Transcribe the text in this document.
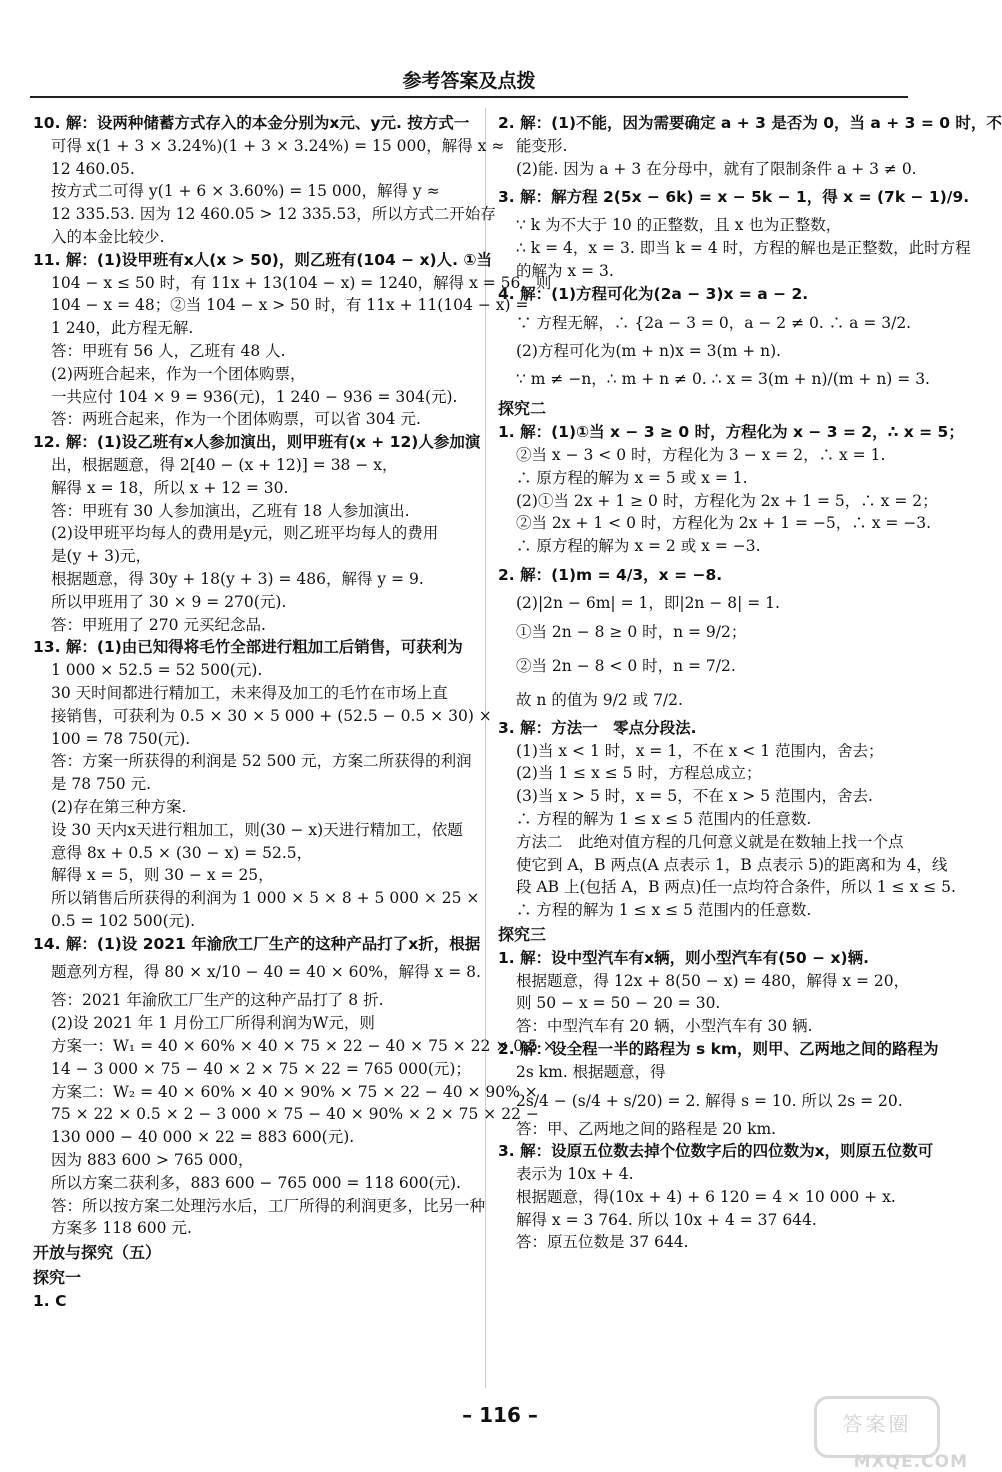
参考答案及点拨

10. 解：设两种储蓄方式存入的本金分别为x元、y元. 按方式一

可得 x(1 + 3 × 3.24%)(1 + 3 × 3.24%) = 15 000，解得 x ≈

12 460.05.

按方式二可得 y(1 + 6 × 3.60%) = 15 000，解得 y ≈

12 335.53. 因为 12 460.05 > 12 335.53，所以方式二开始存

入的本金比较少.

11. 解：(1)设甲班有x人(x > 50)，则乙班有(104 − x)人. ①当

104 − x ≤ 50 时，有 11x + 13(104 − x) = 1240，解得 x = 56，则

104 − x = 48；②当 104 − x > 50 时，有 11x + 11(104 − x) =

1 240，此方程无解.

答：甲班有 56 人，乙班有 48 人.

(2)两班合起来，作为一个团体购票，

一共应付 104 × 9 = 936(元)，1 240 − 936 = 304(元).

答：两班合起来，作为一个团体购票，可以省 304 元.

12. 解：(1)设乙班有x人参加演出，则甲班有(x + 12)人参加演

出，根据题意，得 2[40 − (x + 12)] = 38 − x，

解得 x = 18，所以 x + 12 = 30.

答：甲班有 30 人参加演出，乙班有 18 人参加演出.

(2)设甲班平均每人的费用是y元，则乙班平均每人的费用

是(y + 3)元，

根据题意，得 30y + 18(y + 3) = 486，解得 y = 9.

所以甲班用了 30 × 9 = 270(元).

答：甲班用了 270 元买纪念品.

13. 解：(1)由已知得将毛竹全部进行粗加工后销售，可获利为

1 000 × 52.5 = 52 500(元).

30 天时间都进行精加工，未来得及加工的毛竹在市场上直

接销售，可获利为 0.5 × 30 × 5 000 + (52.5 − 0.5 × 30) ×

100 = 78 750(元).

答：方案一所获得的利润是 52 500 元，方案二所获得的利润

是 78 750 元.

(2)存在第三种方案.

设 30 天内x天进行粗加工，则(30 − x)天进行精加工，依题

意得 8x + 0.5 × (30 − x) = 52.5，

解得 x = 5，则 30 − x = 25，

所以销售后所获得的利润为 1 000 × 5 × 8 + 5 000 × 25 ×

0.5 = 102 500(元).

14. 解：(1)设 2021 年渝欣工厂生产的这种产品打了x折，根据

题意列方程，得 80 × x/10 − 40 = 40 × 60%，解得 x = 8.

答：2021 年渝欣工厂生产的这种产品打了 8 折.

(2)设 2021 年 1 月份工厂所得利润为W元，则

方案一：W₁ = 40 × 60% × 40 × 75 × 22 − 40 × 75 × 22 × 0.5 ×

14 − 3 000 × 75 − 40 × 2 × 75 × 22 = 765 000(元)；

方案二：W₂ = 40 × 60% × 40 × 90% × 75 × 22 − 40 × 90% ×

75 × 22 × 0.5 × 2 − 3 000 × 75 − 40 × 90% × 2 × 75 × 22 −

130 000 − 40 000 × 22 = 883 600(元).

因为 883 600 > 765 000，

所以方案二获利多，883 600 − 765 000 = 118 600(元).

答：所以按方案二处理污水后，工厂所得的利润更多，比另一种

方案多 118 600 元.

开放与探究（五）

探究一

1. C

2. 解：(1)不能，因为需要确定 a + 3 是否为 0，当 a + 3 = 0 时，不

能变形.

(2)能. 因为 a + 3 在分母中，就有了限制条件 a + 3 ≠ 0.

3. 解：解方程 2(5x − 6k) = x − 5k − 1，得 x = (7k − 1)/9.

∵ k 为不大于 10 的正整数，且 x 也为正整数，

∴ k = 4，x = 3. 即当 k = 4 时，方程的解也是正整数，此时方程

的解为 x = 3.

4. 解：(1)方程可化为(2a − 3)x = a − 2.

∵ 方程无解，∴ {2a − 3 = 0，a − 2 ≠ 0. ∴ a = 3/2.

(2)方程可化为(m + n)x = 3(m + n).

∵ m ≠ −n，∴ m + n ≠ 0. ∴ x = 3(m + n)/(m + n) = 3.

探究二

1. 解：(1)①当 x − 3 ≥ 0 时，方程化为 x − 3 = 2，∴ x = 5；

②当 x − 3 < 0 时，方程化为 3 − x = 2，∴ x = 1.

∴ 原方程的解为 x = 5 或 x = 1.

(2)①当 2x + 1 ≥ 0 时，方程化为 2x + 1 = 5，∴ x = 2；

②当 2x + 1 < 0 时，方程化为 2x + 1 = −5，∴ x = −3.

∴ 原方程的解为 x = 2 或 x = −3.

2. 解：(1)m = 4/3，x = −8.

(2)|2n − 6m| = 1，即|2n − 8| = 1.

①当 2n − 8 ≥ 0 时，n = 9/2；

②当 2n − 8 < 0 时，n = 7/2.

故 n 的值为 9/2 或 7/2.

3. 解：方法一　零点分段法.

(1)当 x < 1 时，x = 1，不在 x < 1 范围内，舍去；

(2)当 1 ≤ x ≤ 5 时，方程总成立；

(3)当 x > 5 时，x = 5，不在 x > 5 范围内，舍去.

∴ 方程的解为 1 ≤ x ≤ 5 范围内的任意数.

方法二　此绝对值方程的几何意义就是在数轴上找一个点

使它到 A，B 两点(A 点表示 1，B 点表示 5)的距离和为 4，线

段 AB 上(包括 A，B 两点)任一点均符合条件，所以 1 ≤ x ≤ 5.

∴ 方程的解为 1 ≤ x ≤ 5 范围内的任意数.

探究三

1. 解：设中型汽车有x辆，则小型汽车有(50 − x)辆.

根据题意，得 12x + 8(50 − x) = 480，解得 x = 20，

则 50 − x = 50 − 20 = 30.

答：中型汽车有 20 辆，小型汽车有 30 辆.

2. 解：设全程一半的路程为 s km，则甲、乙两地之间的路程为

2s km. 根据题意，得

2s/4 − (s/4 + s/20) = 2. 解得 s = 10. 所以 2s = 20.

答：甲、乙两地之间的路程是 20 km.

3. 解：设原五位数去掉个位数字后的四位数为x，则原五位数可

表示为 10x + 4.

根据题意，得(10x + 4) + 6 120 = 4 × 10 000 + x.

解得 x = 3 764. 所以 10x + 4 = 37 644.

答：原五位数是 37 644.

– 116 –	答案圈
MXQE.COM
